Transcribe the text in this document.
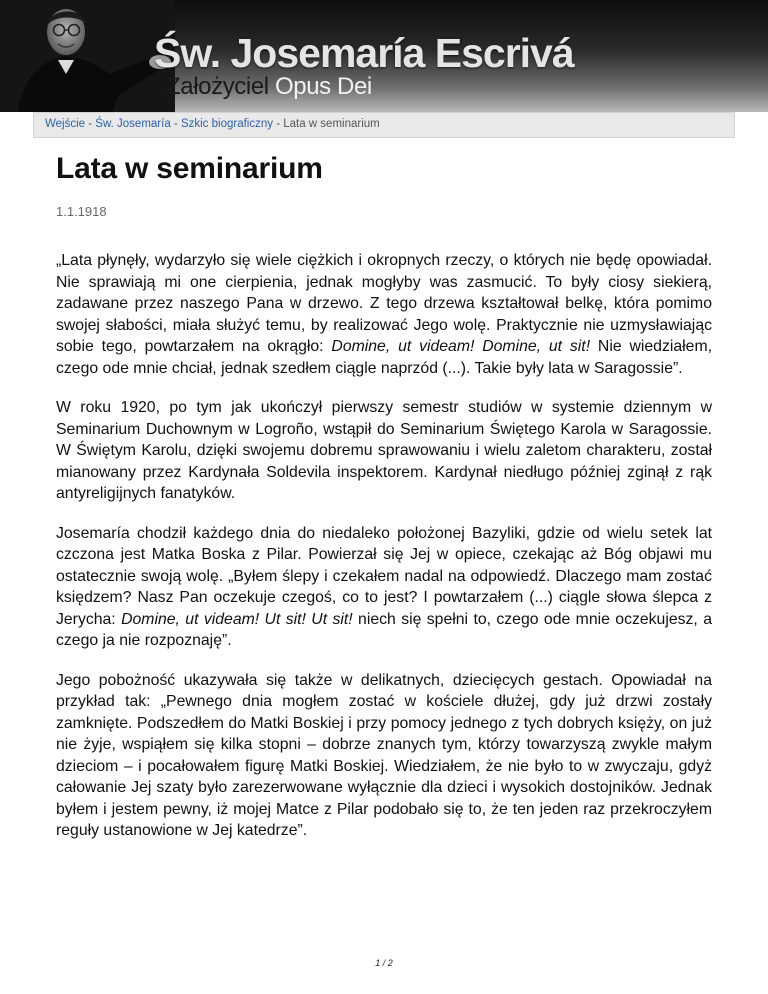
Św. Josemaría Escrivá
Założyciel Opus Dei
Wejście - Św. Josemaría - Szkic biograficzny - Lata w seminarium
Lata w seminarium
1.1.1918

„Lata płynęły, wydarzyło się wiele ciężkich i okropnych rzeczy, o których nie będę opowiadał. Nie sprawiają mi one cierpienia, jednak mogłyby was zasmucić. To były ciosy siekierą, zadawane przez naszego Pana w drzewo. Z tego drzewa kształtował belkę, która pomimo swojej słabości, miała służyć temu, by realizować Jego wolę. Praktycznie nie uzmysławiając sobie tego, powtarzałem na okrągło: Domine, ut videam! Domine, ut sit! Nie wiedziałem, czego ode mnie chciał, jednak szedłem ciągle naprzód (...). Takie były lata w Saragossie”.

W roku 1920, po tym jak ukończył pierwszy semestr studiów w systemie dziennym w Seminarium Duchownym w Logroño, wstąpił do Seminarium Świętego Karola w Saragossie. W Świętym Karolu, dzięki swojemu dobremu sprawowaniu i wielu zaletom charakteru, został mianowany przez Kardynała Soldevila inspektorem. Kardynał niedługo później zginął z rąk antyreligijnych fanatyków.

Josemaría chodził każdego dnia do niedaleko położonej Bazyliki, gdzie od wielu setek lat czczona jest Matka Boska z Pilar. Powierzał się Jej w opiece, czekając aż Bóg objawi mu ostatecznie swoją wolę. „Byłem ślepy i czekałem nadal na odpowiedź. Dlaczego mam zostać księdzem? Nasz Pan oczekuje czegoś, co to jest? I powtarzałem (...) ciągle słowa ślepca z Jerycha: Domine, ut videam! Ut sit! Ut sit! niech się spełni to, czego ode mnie oczekujesz, a czego ja nie rozpoznaję”.

Jego pobożność ukazywała się także w delikatnych, dziecięcych gestach. Opowiadał na przykład tak: „Pewnego dnia mogłem zostać w kościele dłużej, gdy już drzwi zostały zamknięte. Podszedłem do Matki Boskiej i przy pomocy jednego z tych dobrych księży, on już nie żyje, wspiąłem się kilka stopni – dobrze znanych tym, którzy towarzyszą zwykle małym dzieciom – i pocałowałem figurę Matki Boskiej. Wiedziałem, że nie było to w zwyczaju, gdyż całowanie Jej szaty było zarezerwowane wyłącznie dla dzieci i wysokich dostojników. Jednak byłem i jestem pewny, iż mojej Matce z Pilar podobało się to, że ten jeden raz przekroczyłem reguły ustanowione w Jej katedrze”.

1 / 2
